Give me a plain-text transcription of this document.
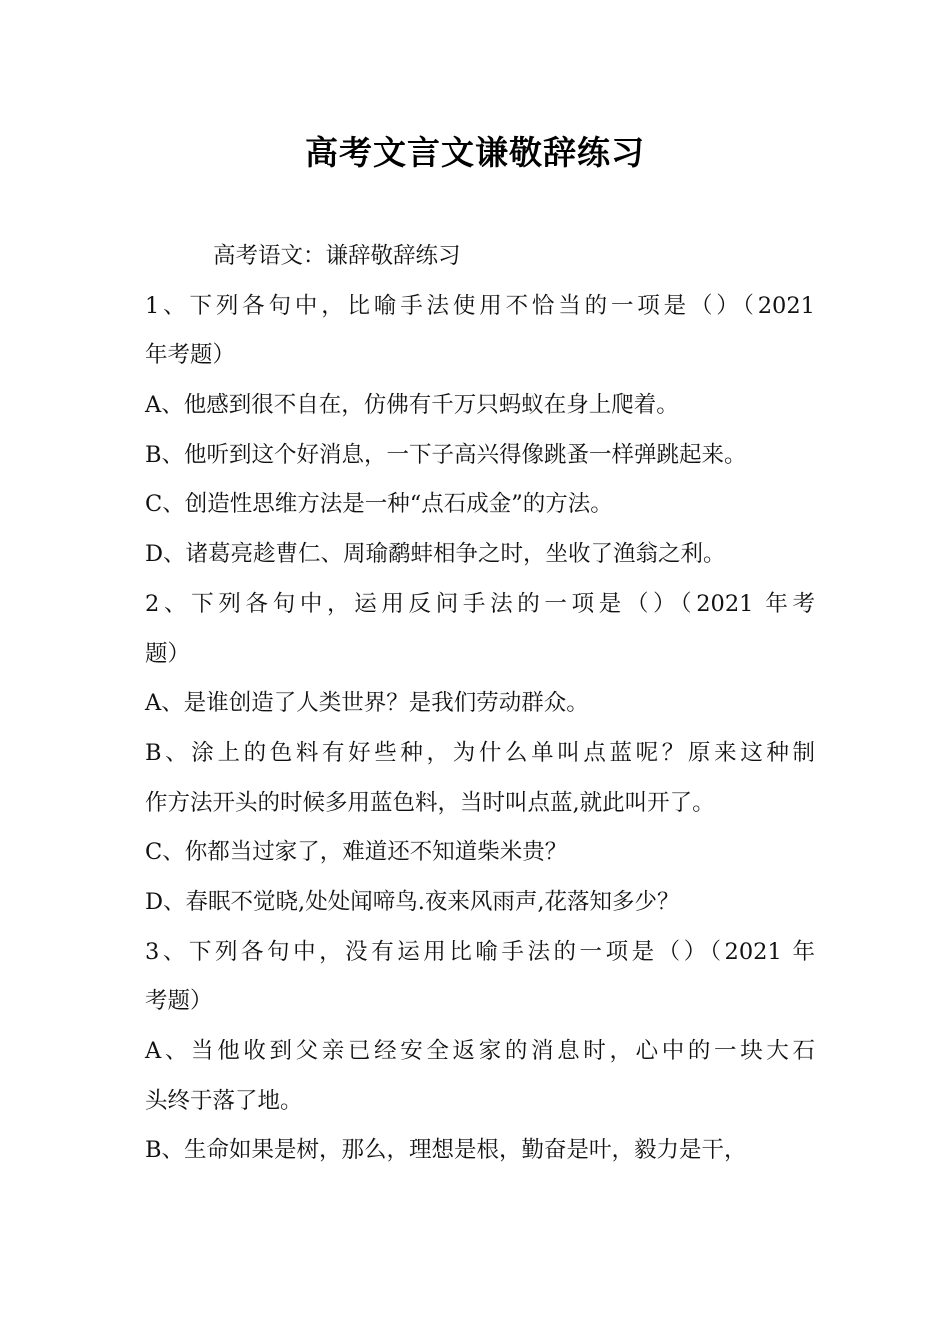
高考文言文谦敬辞练习
高考语文：谦辞敬辞练习
1、下列各句中，比喻手法使用不恰当的一项是（）（2021
年考题）
A、他感到很不自在，仿佛有千万只蚂蚁在身上爬着。
B、他听到这个好消息，一下子高兴得像跳蚤一样弹跳起来。
C、创造性思维方法是一种“点石成金”的方法。
D、诸葛亮趁曹仁、周瑜鹬蚌相争之时，坐收了渔翁之利。
2、下列各句中，运用反问手法的一项是（）（2021 年考
题）
A、是谁创造了人类世界？是我们劳动群众。
B、涂上的色料有好些种，为什么单叫点蓝呢？原来这种制
作方法开头的时候多用蓝色料，当时叫点蓝,就此叫开了。
C、你都当过家了，难道还不知道柴米贵？
D、春眠不觉晓,处处闻啼鸟.夜来风雨声,花落知多少？
3、下列各句中，没有运用比喻手法的一项是（）（2021 年
考题）
A、当他收到父亲已经安全返家的消息时，心中的一块大石
头终于落了地。
B、生命如果是树，那么，理想是根，勤奋是叶，毅力是干，
